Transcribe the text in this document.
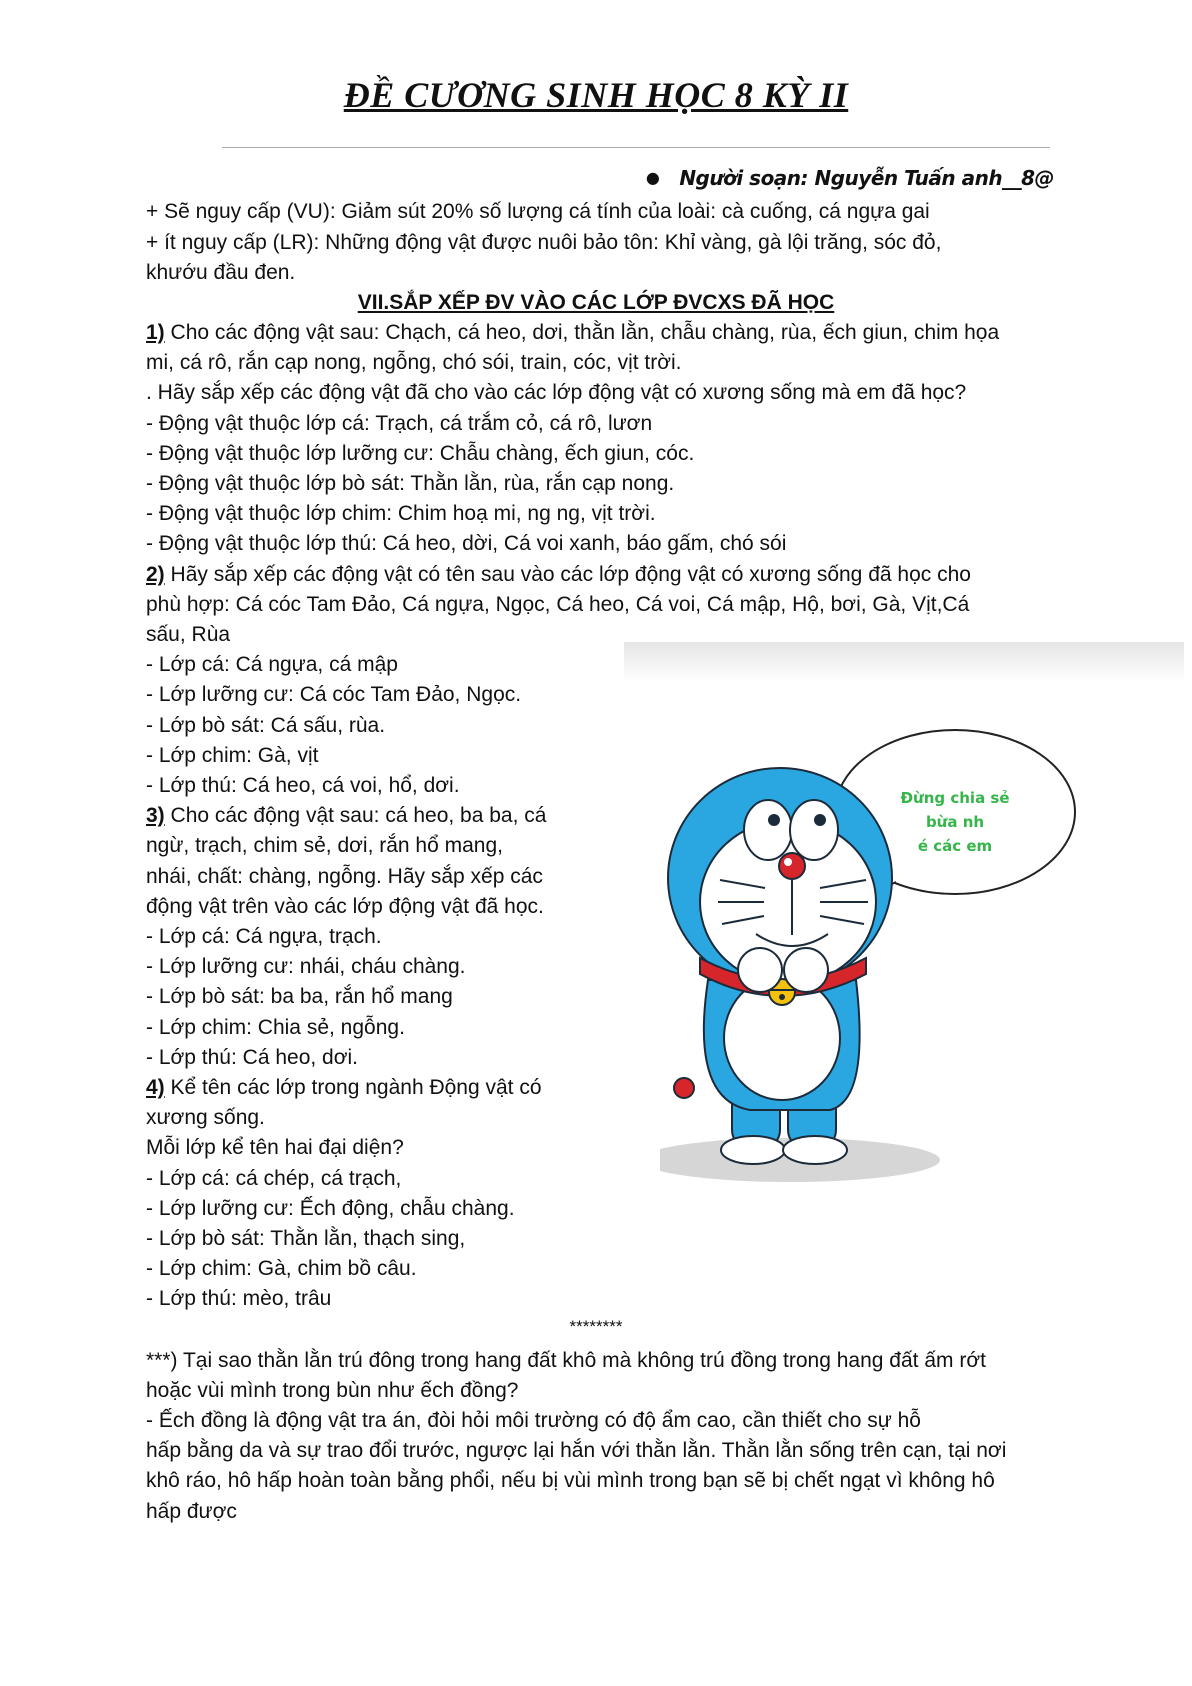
ĐỀ CƯƠNG SINH HỌC 8 KỲ II
● Người soạn: Nguyễn Tuấn anh__8@
+ Sẽ nguy cấp (VU): Giảm sút 20% số lượng cá tính của loài: cà cuống, cá ngựa gai
+ ít nguy cấp (LR): Những động vật được nuôi bảo tôn: Khỉ vàng, gà lội trăng, sóc đỏ,
khướu đầu đen.
VII.SẮP XẾP ĐV VÀO CÁC LỚP ĐVCXS ĐÃ HỌC
1) Cho các động vật sau: Chạch, cá heo, dơi, thằn lằn, chẫu chàng, rùa, ếch giun, chim họa
mi, cá rô, rắn cạp nong, ngỗng, chó sói, train, cóc, vịt trời.
. Hãy sắp xếp các động vật đã cho vào các lớp động vật có xương sống mà em đã học?
- Động vật thuộc lớp cá: Trạch, cá trắm cỏ, cá rô, lươn
- Động vật thuộc lớp lưỡng cư: Chẫu chàng, ếch giun, cóc.
- Động vật thuộc lớp bò sát: Thằn lằn, rùa, rắn cạp nong.
- Động vật thuộc lớp chim: Chim hoạ mi, ng ng, vịt trời.
- Động vật thuộc lớp thú: Cá heo, dời, Cá voi xanh, báo gấm, chó sói
2) Hãy sắp xếp các động vật có tên sau vào các lớp động vật có xương sống đã học cho
phù hợp: Cá cóc Tam Đảo, Cá ngựa, Ngọc, Cá heo, Cá voi, Cá mập, Hộ, bơi, Gà, Vịt,Cá
sấu, Rùa
- Lớp cá: Cá ngựa, cá mập
- Lớp lưỡng cư: Cá cóc Tam Đảo, Ngọc.
- Lớp bò sát: Cá sấu, rùa.
- Lớp chim: Gà, vịt
- Lớp thú: Cá heo, cá voi, hổ, dơi.
3) Cho các động vật sau: cá heo, ba ba, cá
ngừ, trạch, chim sẻ, dơi, rắn hổ mang,
nhái, chất: chàng, ngỗng. Hãy sắp xếp các
động vật trên vào các lớp động vật đã học.
- Lớp cá: Cá ngựa, trạch.
- Lớp lưỡng cư: nhái, cháu chàng.
- Lớp bò sát: ba ba, rắn hổ mang
- Lớp chim: Chia sẻ, ngỗng.
- Lớp thú: Cá heo, dơi.
4) Kể tên các lớp trong ngành Động vật có
xương sống.
Mỗi lớp kể tên hai đại diện?
- Lớp cá: cá chép, cá trạch,
- Lớp lưỡng cư: Ếch động, chẫu chàng.
- Lớp bò sát: Thằn lằn, thạch sing,
- Lớp chim: Gà, chim bồ câu.
- Lớp thú: mèo, trâu
********
***) Tại sao thằn lằn trú đông trong hang đất khô mà không trú đồng trong hang đất ấm rớt
hoặc vùi mình trong bùn như ếch đồng?
- Ếch đồng là động vật tra án, đòi hỏi môi trường có độ ẩm cao, cần thiết cho sự hỗ
hấp bằng da và sự trao đổi trước, ngược lại hắn với thằn lằn. Thằn lằn sống trên cạn, tại nơi
khô ráo, hô hấp hoàn toàn bằng phổi, nếu bị vùi mình trong bạn sẽ bị chết ngạt vì không hô
hấp được
Đừng chia sẻ bừa nh
é các em
